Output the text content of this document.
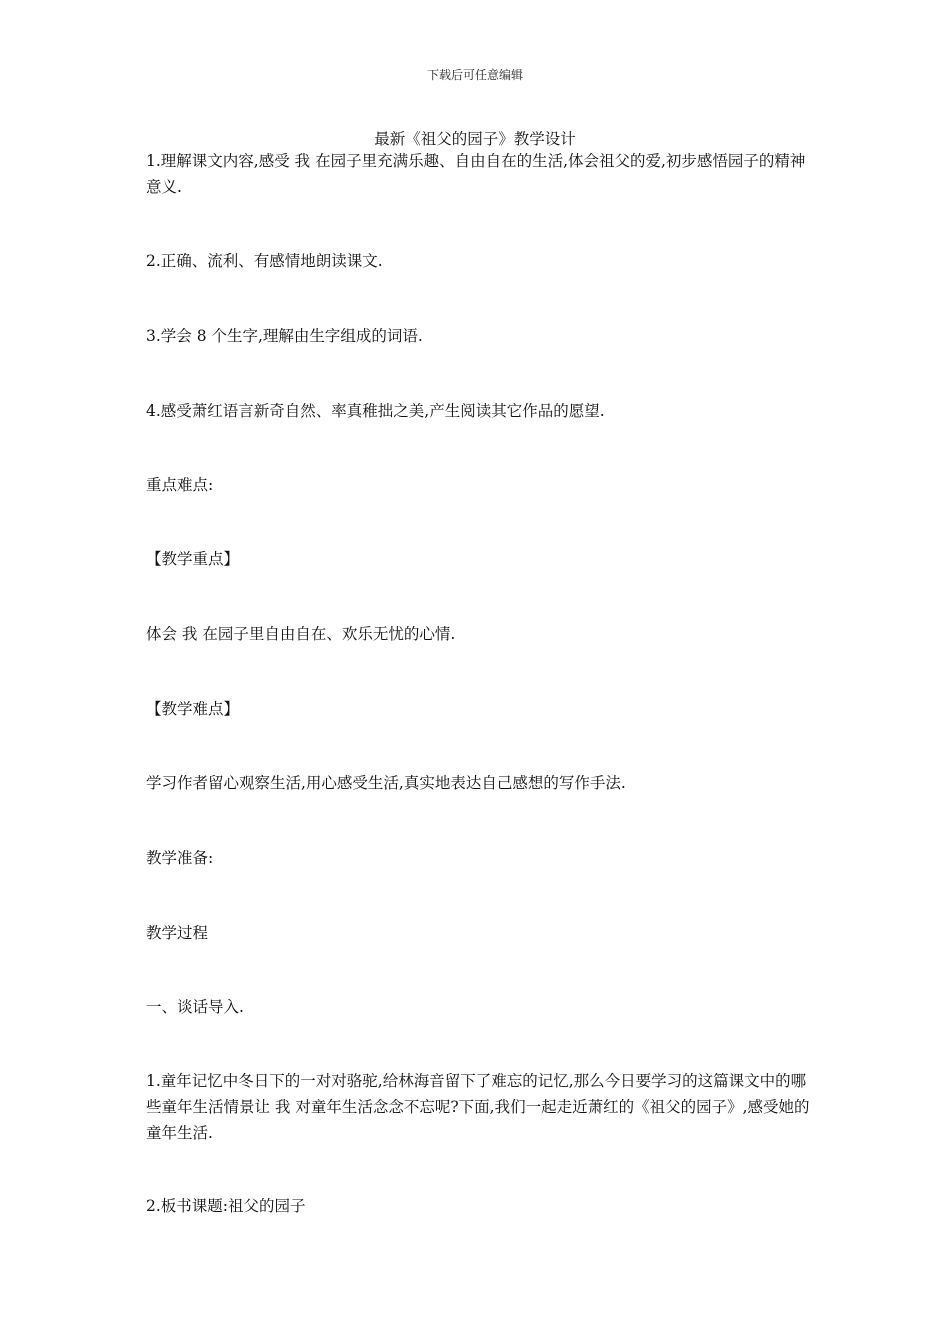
下载后可任意编辑
最新《祖父的园子》教学设计

1.理解课文内容,感受 我 在园子里充满乐趣、自由自在的生活,体会祖父的爱,初步感悟园子的精神意义.

2.正确、流利、有感情地朗读课文.

3.学会 8 个生字,理解由生字组成的词语.

4.感受萧红语言新奇自然、率真稚拙之美,产生阅读其它作品的愿望.

重点难点:

【教学重点】

体会 我 在园子里自由自在、欢乐无忧的心情.

【教学难点】

学习作者留心观察生活,用心感受生活,真实地表达自己感想的写作手法.

教学准备:

教学过程

一、谈话导入.

1.童年记忆中冬日下的一对对骆驼,给林海音留下了难忘的记忆,那么今日要学习的这篇课文中的哪些童年生活情景让 我 对童年生活念念不忘呢?下面,我们一起走近萧红的《祖父的园子》,感受她的童年生活.

2.板书课题:祖父的园子
